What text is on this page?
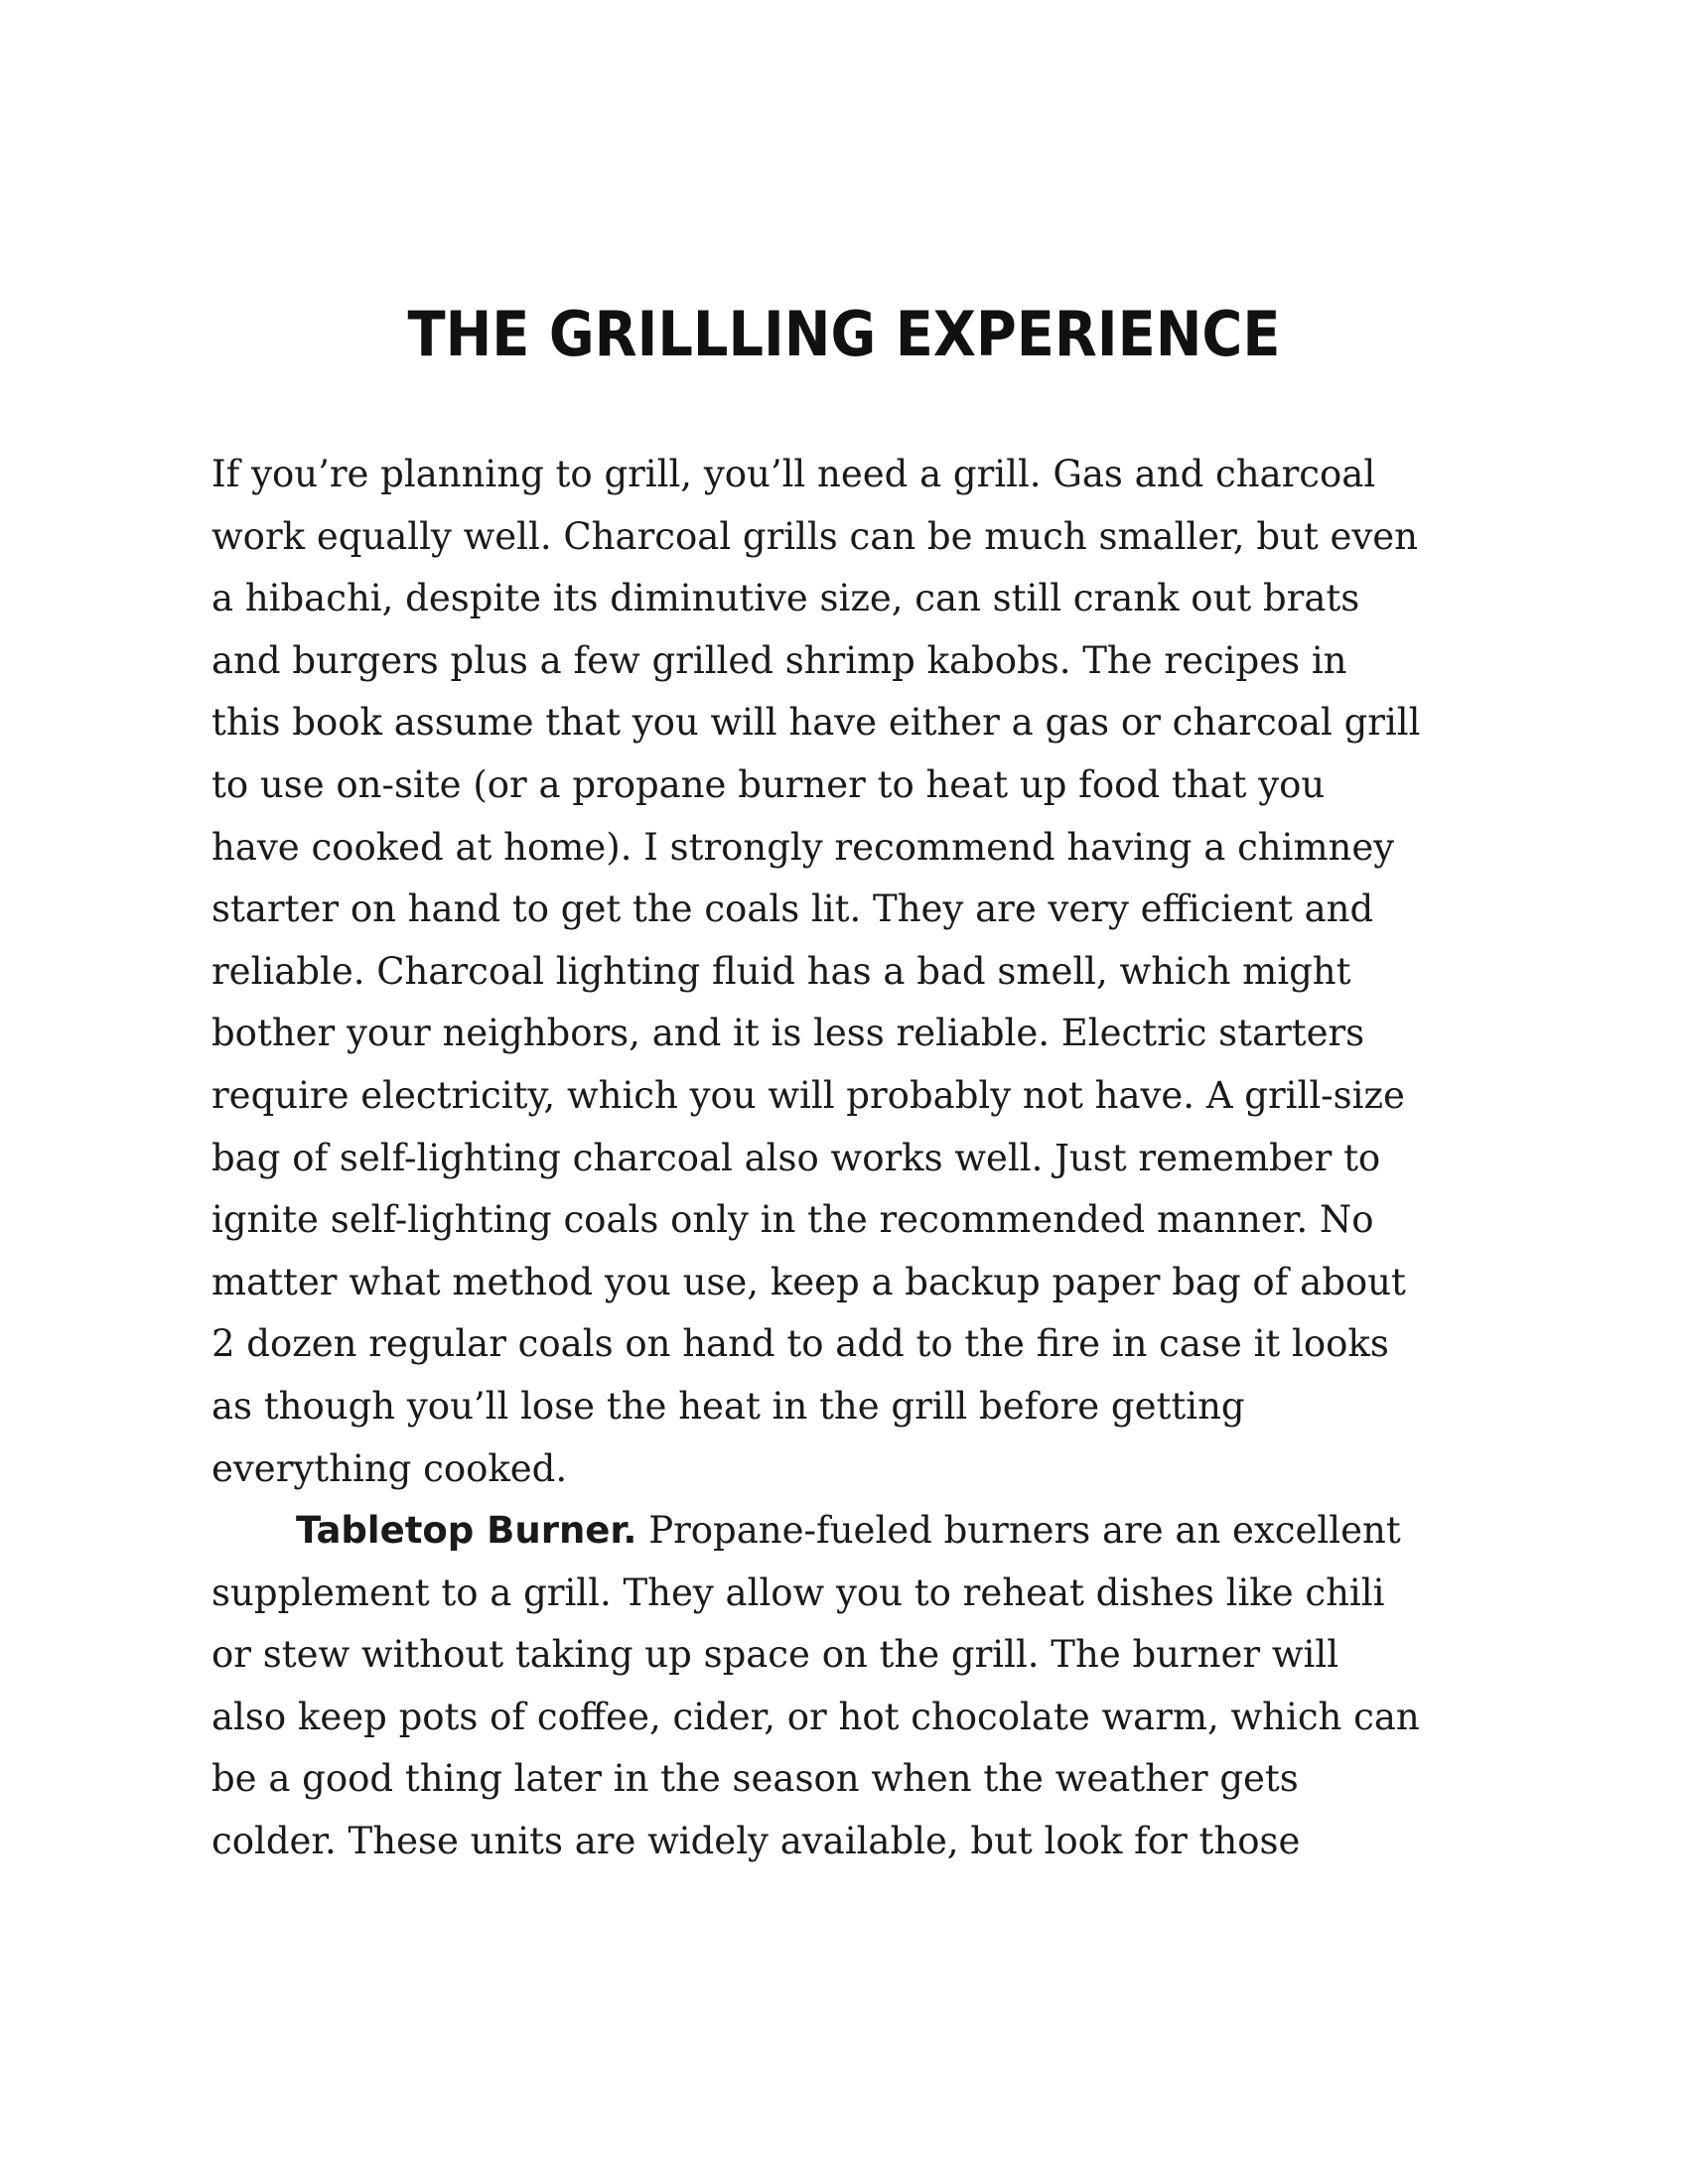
THE GRILLLING EXPERIENCE
If you’re planning to grill, you’ll need a grill. Gas and charcoal
work equally well. Charcoal grills can be much smaller, but even
a hibachi, despite its diminutive size, can still crank out brats
and burgers plus a few grilled shrimp kabobs. The recipes in
this book assume that you will have either a gas or charcoal grill
to use on-site (or a propane burner to heat up food that you
have cooked at home). I strongly recommend having a chimney
starter on hand to get the coals lit. They are very efficient and
reliable. Charcoal lighting fluid has a bad smell, which might
bother your neighbors, and it is less reliable. Electric starters
require electricity, which you will probably not have. A grill-size
bag of self-lighting charcoal also works well. Just remember to
ignite self-lighting coals only in the recommended manner. No
matter what method you use, keep a backup paper bag of about
2 dozen regular coals on hand to add to the fire in case it looks
as though you’ll lose the heat in the grill before getting
everything cooked.
Tabletop Burner. Propane-fueled burners are an excellent
supplement to a grill. They allow you to reheat dishes like chili
or stew without taking up space on the grill. The burner will
also keep pots of coffee, cider, or hot chocolate warm, which can
be a good thing later in the season when the weather gets
colder. These units are widely available, but look for those
